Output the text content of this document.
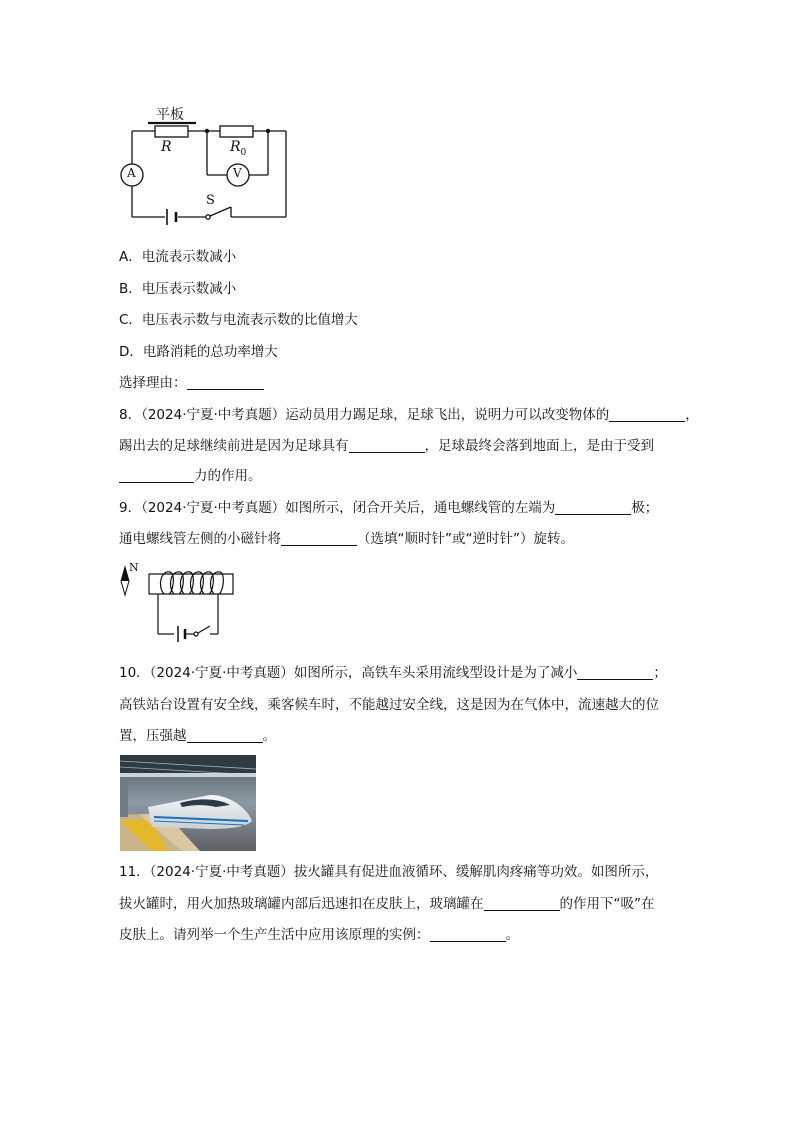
平板
R	$R_0$
A	V
S
A．电流表示数减小
B．电压表示数减小
C．电压表示数与电流表示数的比值增大
D．电路消耗的总功率增大
选择理由：
8．（2024·宁夏·中考真题）运动员用力踢足球，足球飞出，说明力可以改变物体的	，
踢出去的足球继续前进是因为足球具有	，足球最终会落到地面上，是由于受到
力的作用。
9．（2024·宁夏·中考真题）如图所示，闭合开关后，通电螺线管的左端为	极；
通电螺线管左侧的小磁针将	（选填“顺时针”或“逆时针”）旋转。
N
10．（2024·宁夏·中考真题）如图所示，高铁车头采用流线型设计是为了减小	；
高铁站台设置有安全线，乘客候车时，不能越过安全线，这是因为在气体中，流速越大的位
置，压强越	。
11．（2024·宁夏·中考真题）拔火罐具有促进血液循环、缓解肌肉疼痛等功效。如图所示，
拔火罐时，用火加热玻璃罐内部后迅速扣在皮肤上，玻璃罐在	的作用下“吸”在
皮肤上。请列举一个生产生活中应用该原理的实例：	。
